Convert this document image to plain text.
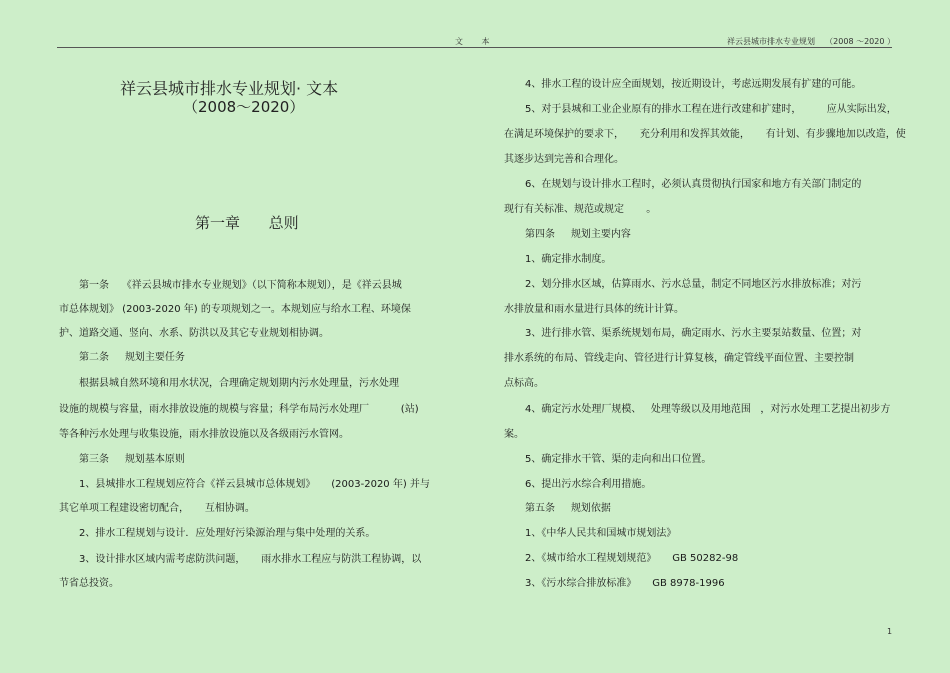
文 本	祥云县城市排水专业规划    （2008 ～2020 ）
祥云县城市排水专业规划· 文本
（2008～2020）
第一章      总则
第一条    《祥云县城市排水专业规划》（以下简称本规划），是《祥云县城
市总体规划》 (2003-2020 年) 的专项规划之一。本规划应与给水工程、环境保
护、道路交通、竖向、水系、防洪以及其它专业规划相协调。
第二条     规划主要任务
根据县城自然环境和用水状况，合理确定规划期内污水处理量，污水处理
设施的规模与容量，雨水排放设施的规模与容量；科学布局污水处理厂          (站)
等各种污水处理与收集设施，雨水排放设施以及各级雨污水管网。
第三条     规划基本原则
1、县城排水工程规划应符合《祥云县城市总体规划》     (2003-2020 年) 并与
其它单项工程建设密切配合，     互相协调。
2、排水工程规划与设计．应处理好污染源治理与集中处理的关系。
3、设计排水区域内需考虑防洪问题，     雨水排水工程应与防洪工程协调，以
节省总投资。
4、排水工程的设计应全面规划，按近期设计，考虑远期发展有扩建的可能。
5、对于县城和工业企业原有的排水工程在进行改建和扩建时，        应从实际出发，
在满足环境保护的要求下，     充分利用和发挥其效能，     有计划、有步骤地加以改造，使
其逐步达到完善和合理化。
6、在规划与设计排水工程时，必须认真贯彻执行国家和地方有关部门制定的
现行有关标准、规范或规定       。
第四条     规划主要内容
1、确定排水制度。
2、划分排水区域，估算雨水、污水总量，制定不同地区污水排放标准；对污
水排放量和雨水量进行具体的统计计算。
3、进行排水管、渠系统规划布局，确定雨水、污水主要泵站数量、位置；对
排水系统的布局、管线走向、管径进行计算复核，确定管线平面位置、主要控制
点标高。
4、确定污水处理厂规模、   处理等级以及用地范围   ，对污水处理工艺提出初步方
案。
5、确定排水干管、渠的走向和出口位置。
6、提出污水综合利用措施。
第五条     规划依据
1、《中华人民共和国城市规划法》
2、《城市给水工程规划规范》     GB 50282-98
3、《污水综合排放标准》     GB 8978-1996
1
